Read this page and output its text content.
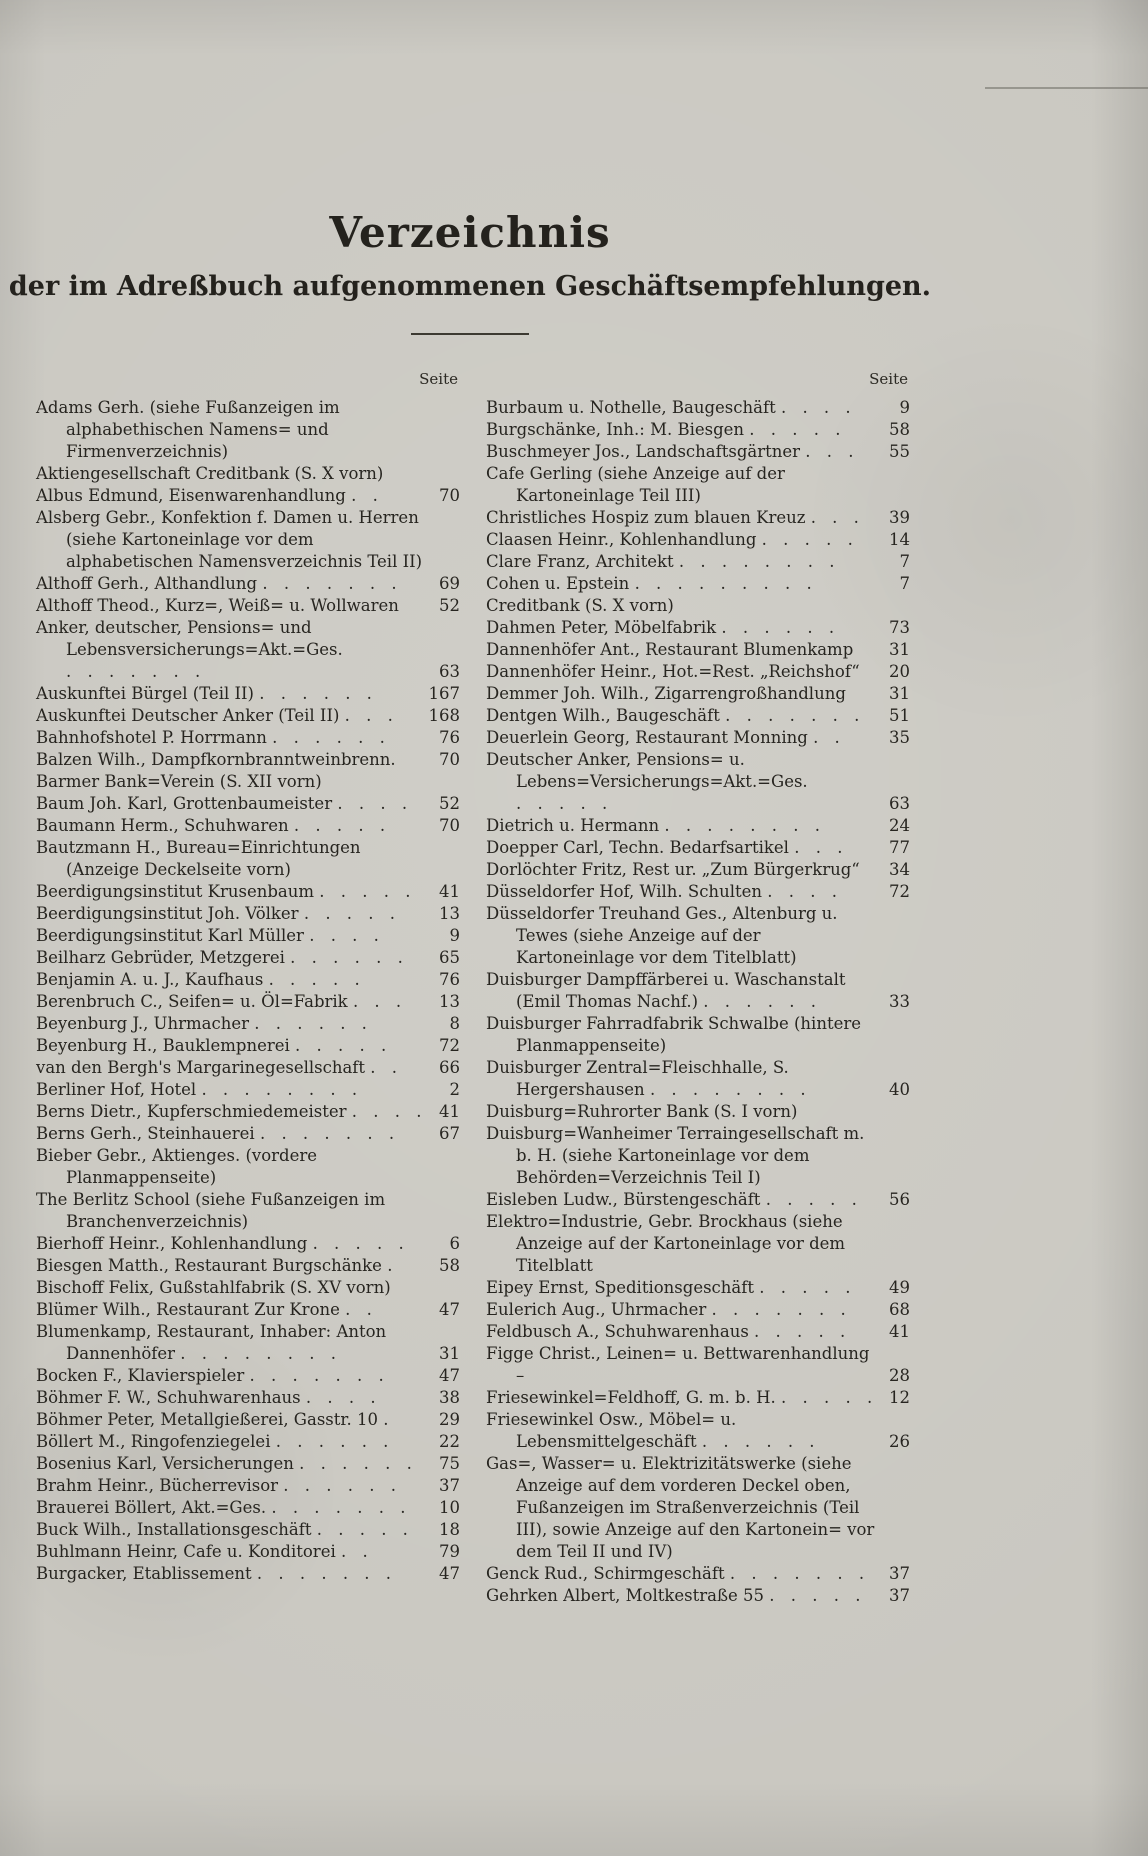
Verzeichnis
der im Adreßbuch aufgenommenen Geschäftsempfehlungen.
Seite
Adams Gerh. (siehe Fußanzeigen im alphabethischen Namens= und Firmenverzeichnis)
Aktiengesellschaft Creditbank (S. X vorn)
Albus Edmund, Eisenwarenhandlung . .	70
Alsberg Gebr., Konfektion f. Damen u. Herren (siehe Kartoneinlage vor dem alphabetischen Namensverzeichnis Teil II)
Althoff Gerh., Althandlung . . . . . . . 69
Althoff Theod., Kurz=, Weiß= u. Wollwaren 52
Anker, deutscher, Pensions= und Lebensversicherungs=Akt.=Ges. . . . . . . .	63
Auskunftei Bürgel (Teil II) . . . . . .	167
Auskunftei Deutscher Anker (Teil II) . . . 168
Bahnhofshotel P. Horrmann . . . . . .	76
Balzen Wilh., Dampfkornbranntweinbrenn.	70
Barmer Bank=Verein (S. XII vorn)
Baum Joh. Karl, Grottenbaumeister . . . . 52
Baumann Herm., Schuhwaren . . . . .	70
Bautzmann H., Bureau=Einrichtungen (Anzeige Deckelseite vorn)
Beerdigungsinstitut Krusenbaum . . . . . 41
Beerdigungsinstitut Joh. Völker . . . . . 13
Beerdigungsinstitut Karl Müller . . . .	9
Beilharz Gebrüder, Metzgerei . . . . . . 65
Benjamin A. u. J., Kaufhaus . . . . .	76
Berenbruch C., Seifen= u. Öl=Fabrik . . . 13
Beyenburg J., Uhrmacher . . . . . .	8
Beyenburg H., Bauklempnerei . . . . .	72
van den Bergh's Margarinegesellschaft . . 66
Berliner Hof, Hotel . . . . . . . .	2
Berns Dietr., Kupferschmiedemeister . . . . 41
Berns Gerh., Steinhauerei . . . . . . .	67
Bieber Gebr., Aktienges. (vordere Planmappenseite)
The Berlitz School (siehe Fußanzeigen im Branchenverzeichnis)
Bierhoff Heinr., Kohlenhandlung . . . . .	6
Biesgen Matth., Restaurant Burgschänke .	58
Bischoff Felix, Gußstahlfabrik (S. XV vorn)
Blümer Wilh., Restaurant Zur Krone . .	47
Blumenkamp, Restaurant, Inhaber: Anton Dannenhöfer . . . . . . . .	31
Bocken F., Klavierspieler . . . . . . .	47
Böhmer F. W., Schuhwarenhaus . . . .	38
Böhmer Peter, Metallgießerei, Gasstr. 10 .	29
Böllert M., Ringofenziegelei . . . . . .	22
Bosenius Karl, Versicherungen . . . . . . 75
Brahm Heinr., Bücherrevisor . . . . . . 37
Brauerei Böllert, Akt.=Ges. . . . . . . . 10
Buck Wilh., Installationsgeschäft . . . . . 18
Buhlmann Heinr, Cafe u. Konditorei . .	79
Burgacker, Etablissement . . . . . . .	47
Seite
Burbaum u. Nothelle, Baugeschäft . . . .	9
Burgschänke, Inh.: M. Biesgen . . . . .	58
Buschmeyer Jos., Landschaftsgärtner . . . 55
Cafe Gerling (siehe Anzeige auf der Kartoneinlage Teil III)
Christliches Hospiz zum blauen Kreuz . . . 39
Claasen Heinr., Kohlenhandlung . . . . . 14
Clare Franz, Architekt . . . . . . . .	7
Cohen u. Epstein . . . . . . . . .	7
Creditbank (S. X vorn)
Dahmen Peter, Möbelfabrik . . . . . .	73
Dannenhöfer Ant., Restaurant Blumenkamp 31
Dannenhöfer Heinr., Hot.=Rest. „Reichshof“ 20
Demmer Joh. Wilh., Zigarrengroßhandlung	31
Dentgen Wilh., Baugeschäft . . . . . . . 51
Deuerlein Georg, Restaurant Monning . .	35
Deutscher Anker, Pensions= u. Lebens=Versicherungs=Akt.=Ges. . . . . .	63
Dietrich u. Hermann . . . . . . . .	24
Doepper Carl, Techn. Bedarfsartikel . . .	77
Dorlöchter Fritz, Rest ur. „Zum Bürgerkrug“ 34
Düsseldorfer Hof, Wilh. Schulten . . . .	72
Düsseldorfer Treuhand Ges., Altenburg u. Tewes (siehe Anzeige auf der Kartoneinlage vor dem Titelblatt)
Duisburger Dampffärberei u. Waschanstalt (Emil Thomas Nachf.) . . . . . .	33
Duisburger Fahrradfabrik Schwalbe (hintere Planmappenseite)
Duisburger Zentral=Fleischhalle, S. Hergershausen . . . . . . . .	40
Duisburg=Ruhrorter Bank (S. I vorn)
Duisburg=Wanheimer Terraingesellschaft m. b. H. (siehe Kartoneinlage vor dem Behörden=Verzeichnis Teil I)
Eisleben Ludw., Bürstengeschäft . . . . . 56
Elektro=Industrie, Gebr. Brockhaus (siehe Anzeige auf der Kartoneinlage vor dem Titelblatt
Eipey Ernst, Speditionsgeschäft . . . . . 49
Eulerich Aug., Uhrmacher . . . . . . . 68
Feldbusch A., Schuhwarenhaus . . . . . 41
Figge Christ., Leinen= u. Bettwarenhandlung –	28
Friesewinkel=Feldhoff, G. m. b. H. . . . . . 12
Friesewinkel Osw., Möbel= u. Lebensmittelgeschäft . . . . . .	26
Gas=, Wasser= u. Elektrizitätswerke (siehe Anzeige auf dem vorderen Deckel oben, Fußanzeigen im Straßenverzeichnis (Teil III), sowie Anzeige auf den Kartonein= vor dem Teil II und IV)
Genck Rud., Schirmgeschäft . . . . . . . 37
Gehrken Albert, Moltkestraße 55 . . . . . 37
